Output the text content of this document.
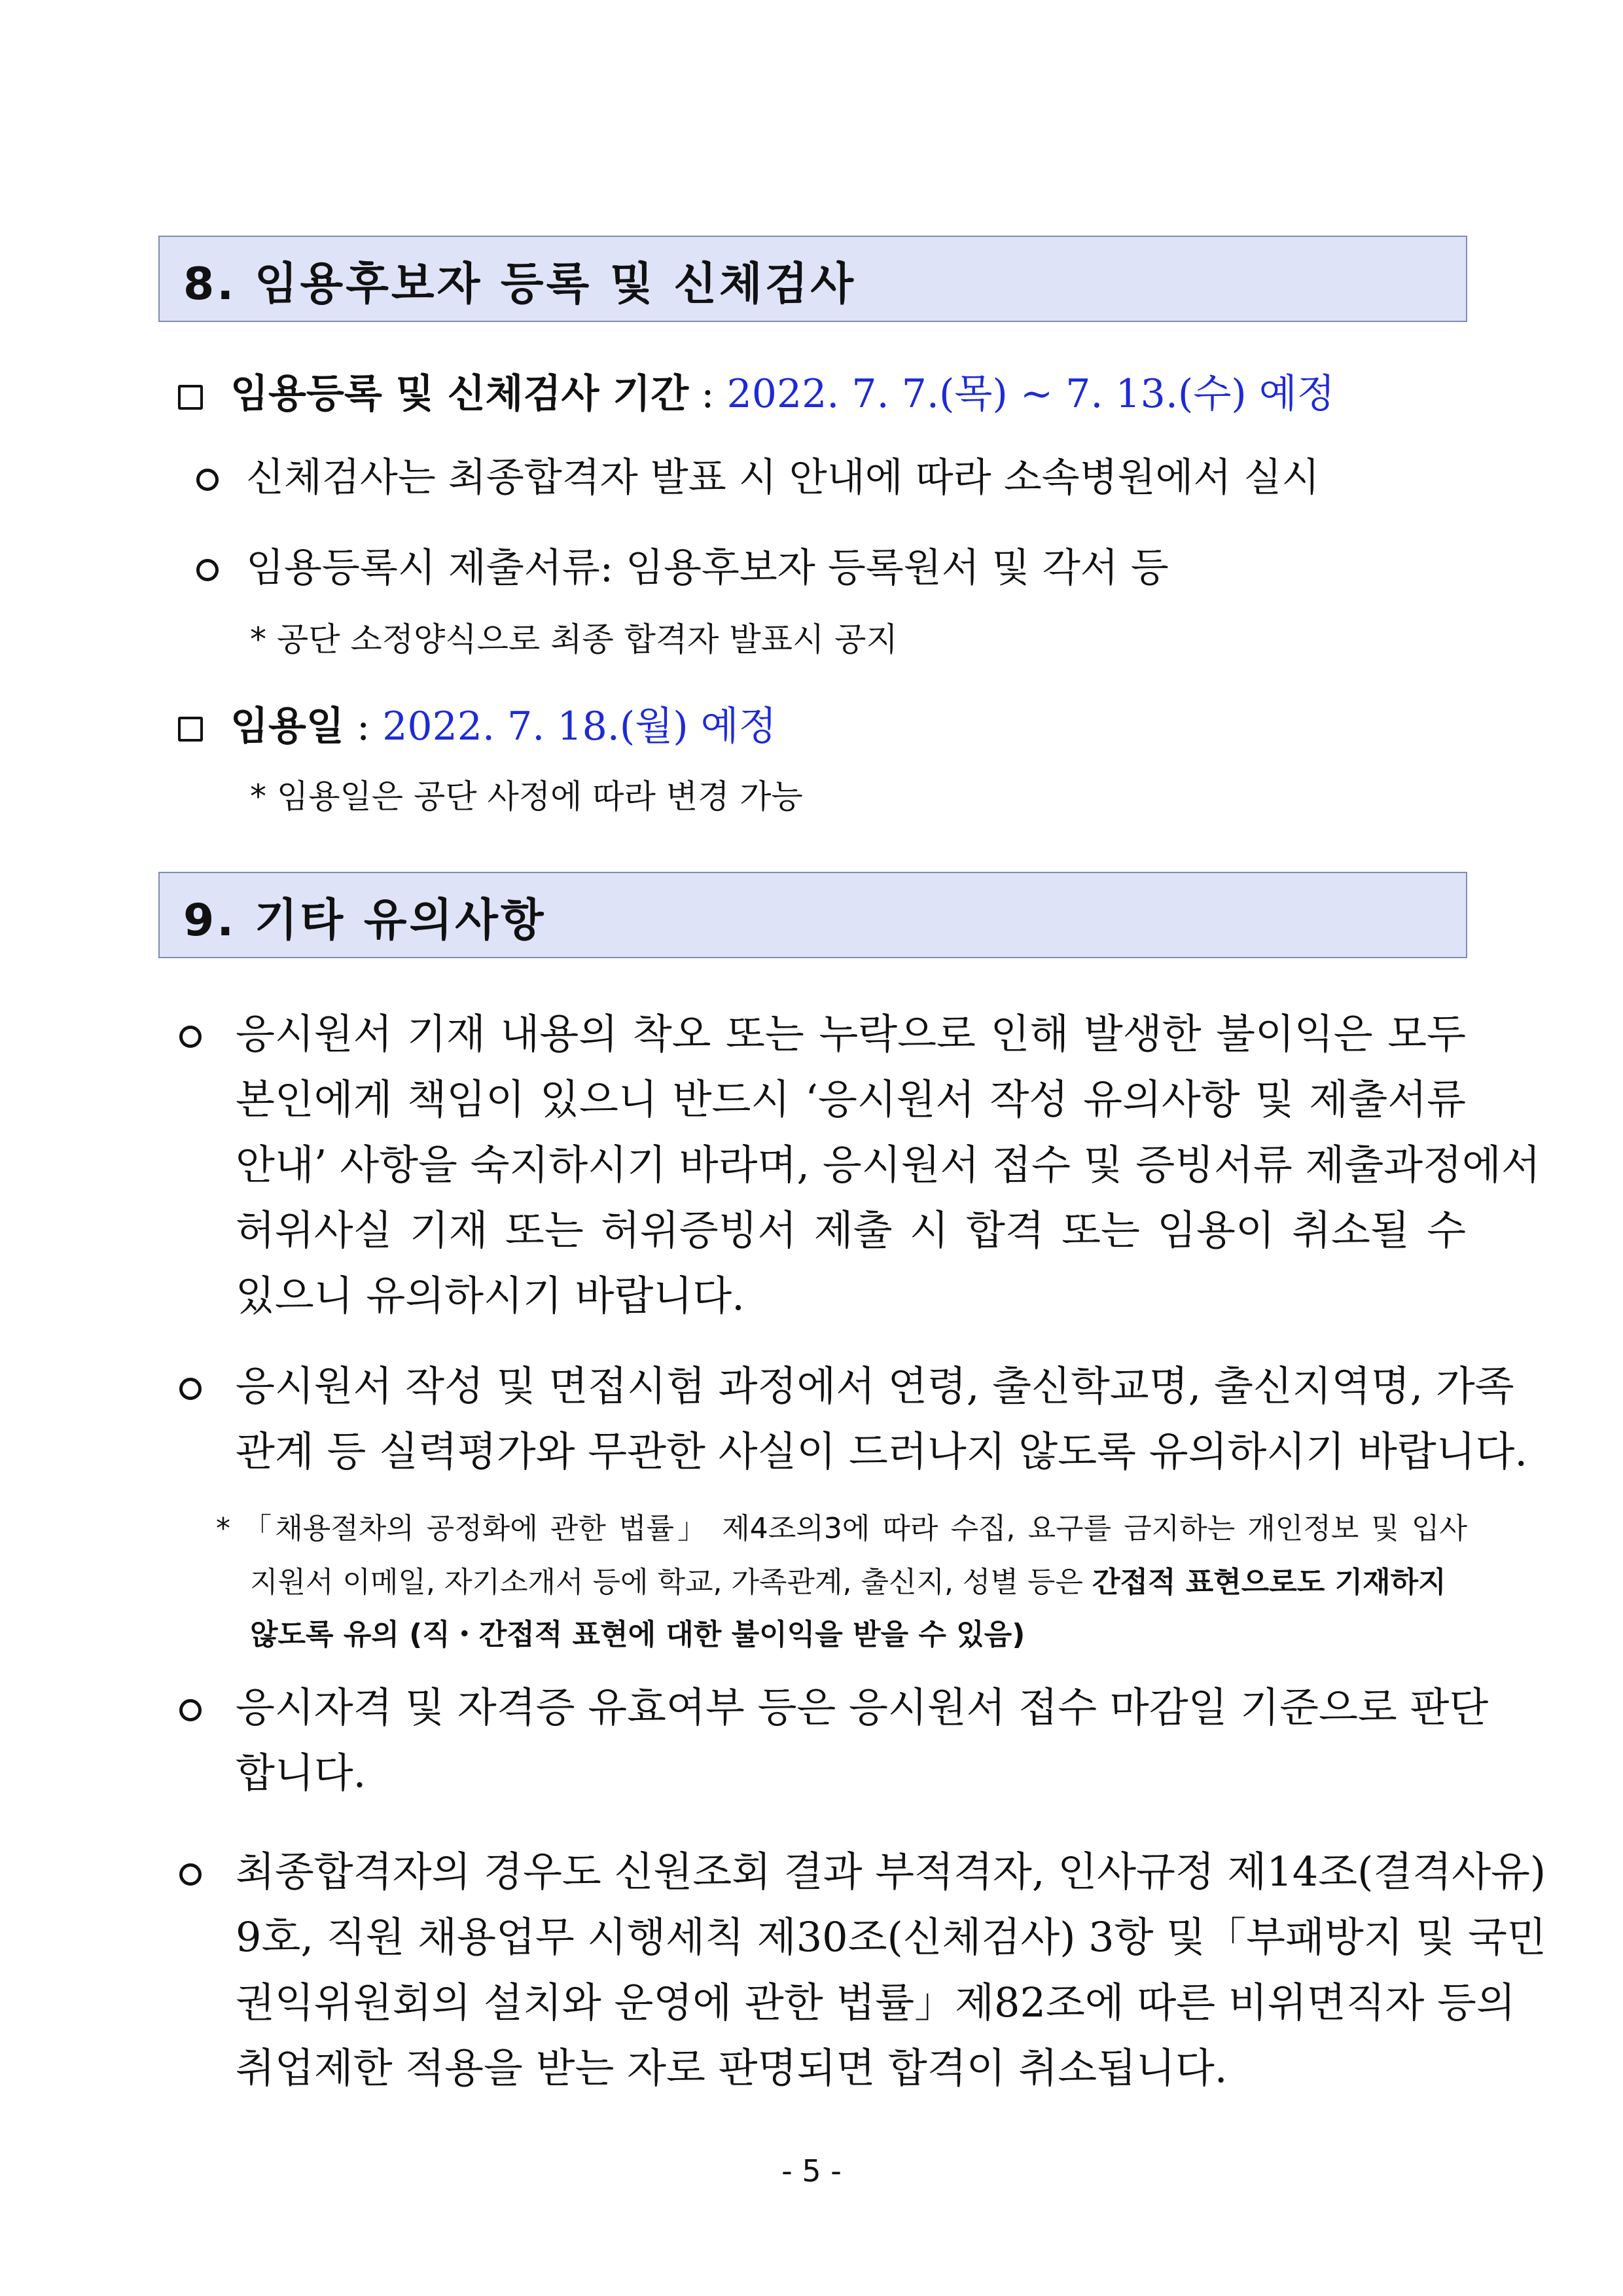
8. 임용후보자 등록 및 신체검사
임용등록 및 신체검사 기간 : 2022. 7. 7.(목) ∼ 7. 13.(수) 예정
신체검사는 최종합격자 발표 시 안내에 따라 소속병원에서 실시
임용등록시 제출서류: 임용후보자 등록원서 및 각서 등
* 공단 소정양식으로 최종 합격자 발표시 공지
임용일 : 2022. 7. 18.(월) 예정
* 임용일은 공단 사정에 따라 변경 가능
9. 기타 유의사항
응시원서 기재 내용의 착오 또는 누락으로 인해 발생한 불이익은 모두
본인에게 책임이 있으니 반드시 ‘응시원서 작성 유의사항 및 제출서류
안내’ 사항을 숙지하시기 바라며, 응시원서 접수 및 증빙서류 제출과정에서
허위사실 기재 또는 허위증빙서 제출 시 합격 또는 임용이 취소될 수
있으니 유의하시기 바랍니다.
응시원서 작성 및 면접시험 과정에서 연령, 출신학교명, 출신지역명, 가족
관계 등 실력평가와 무관한 사실이 드러나지 않도록 유의하시기 바랍니다.
* 「채용절차의 공정화에 관한 법률」 제4조의3에 따라 수집, 요구를 금지하는 개인정보 및 입사
지원서 이메일, 자기소개서 등에 학교, 가족관계, 출신지, 성별 등은 간접적 표현으로도 기재하지
않도록 유의 (직・간접적 표현에 대한 불이익을 받을 수 있음)
응시자격 및 자격증 유효여부 등은 응시원서 접수 마감일 기준으로 판단
합니다.
최종합격자의 경우도 신원조회 결과 부적격자, 인사규정 제14조(결격사유)
9호, 직원 채용업무 시행세칙 제30조(신체검사) 3항 및「부패방지 및 국민
권익위원회의 설치와 운영에 관한 법률」제82조에 따른 비위면직자 등의
취업제한 적용을 받는 자로 판명되면 합격이 취소됩니다.
- 5 -
